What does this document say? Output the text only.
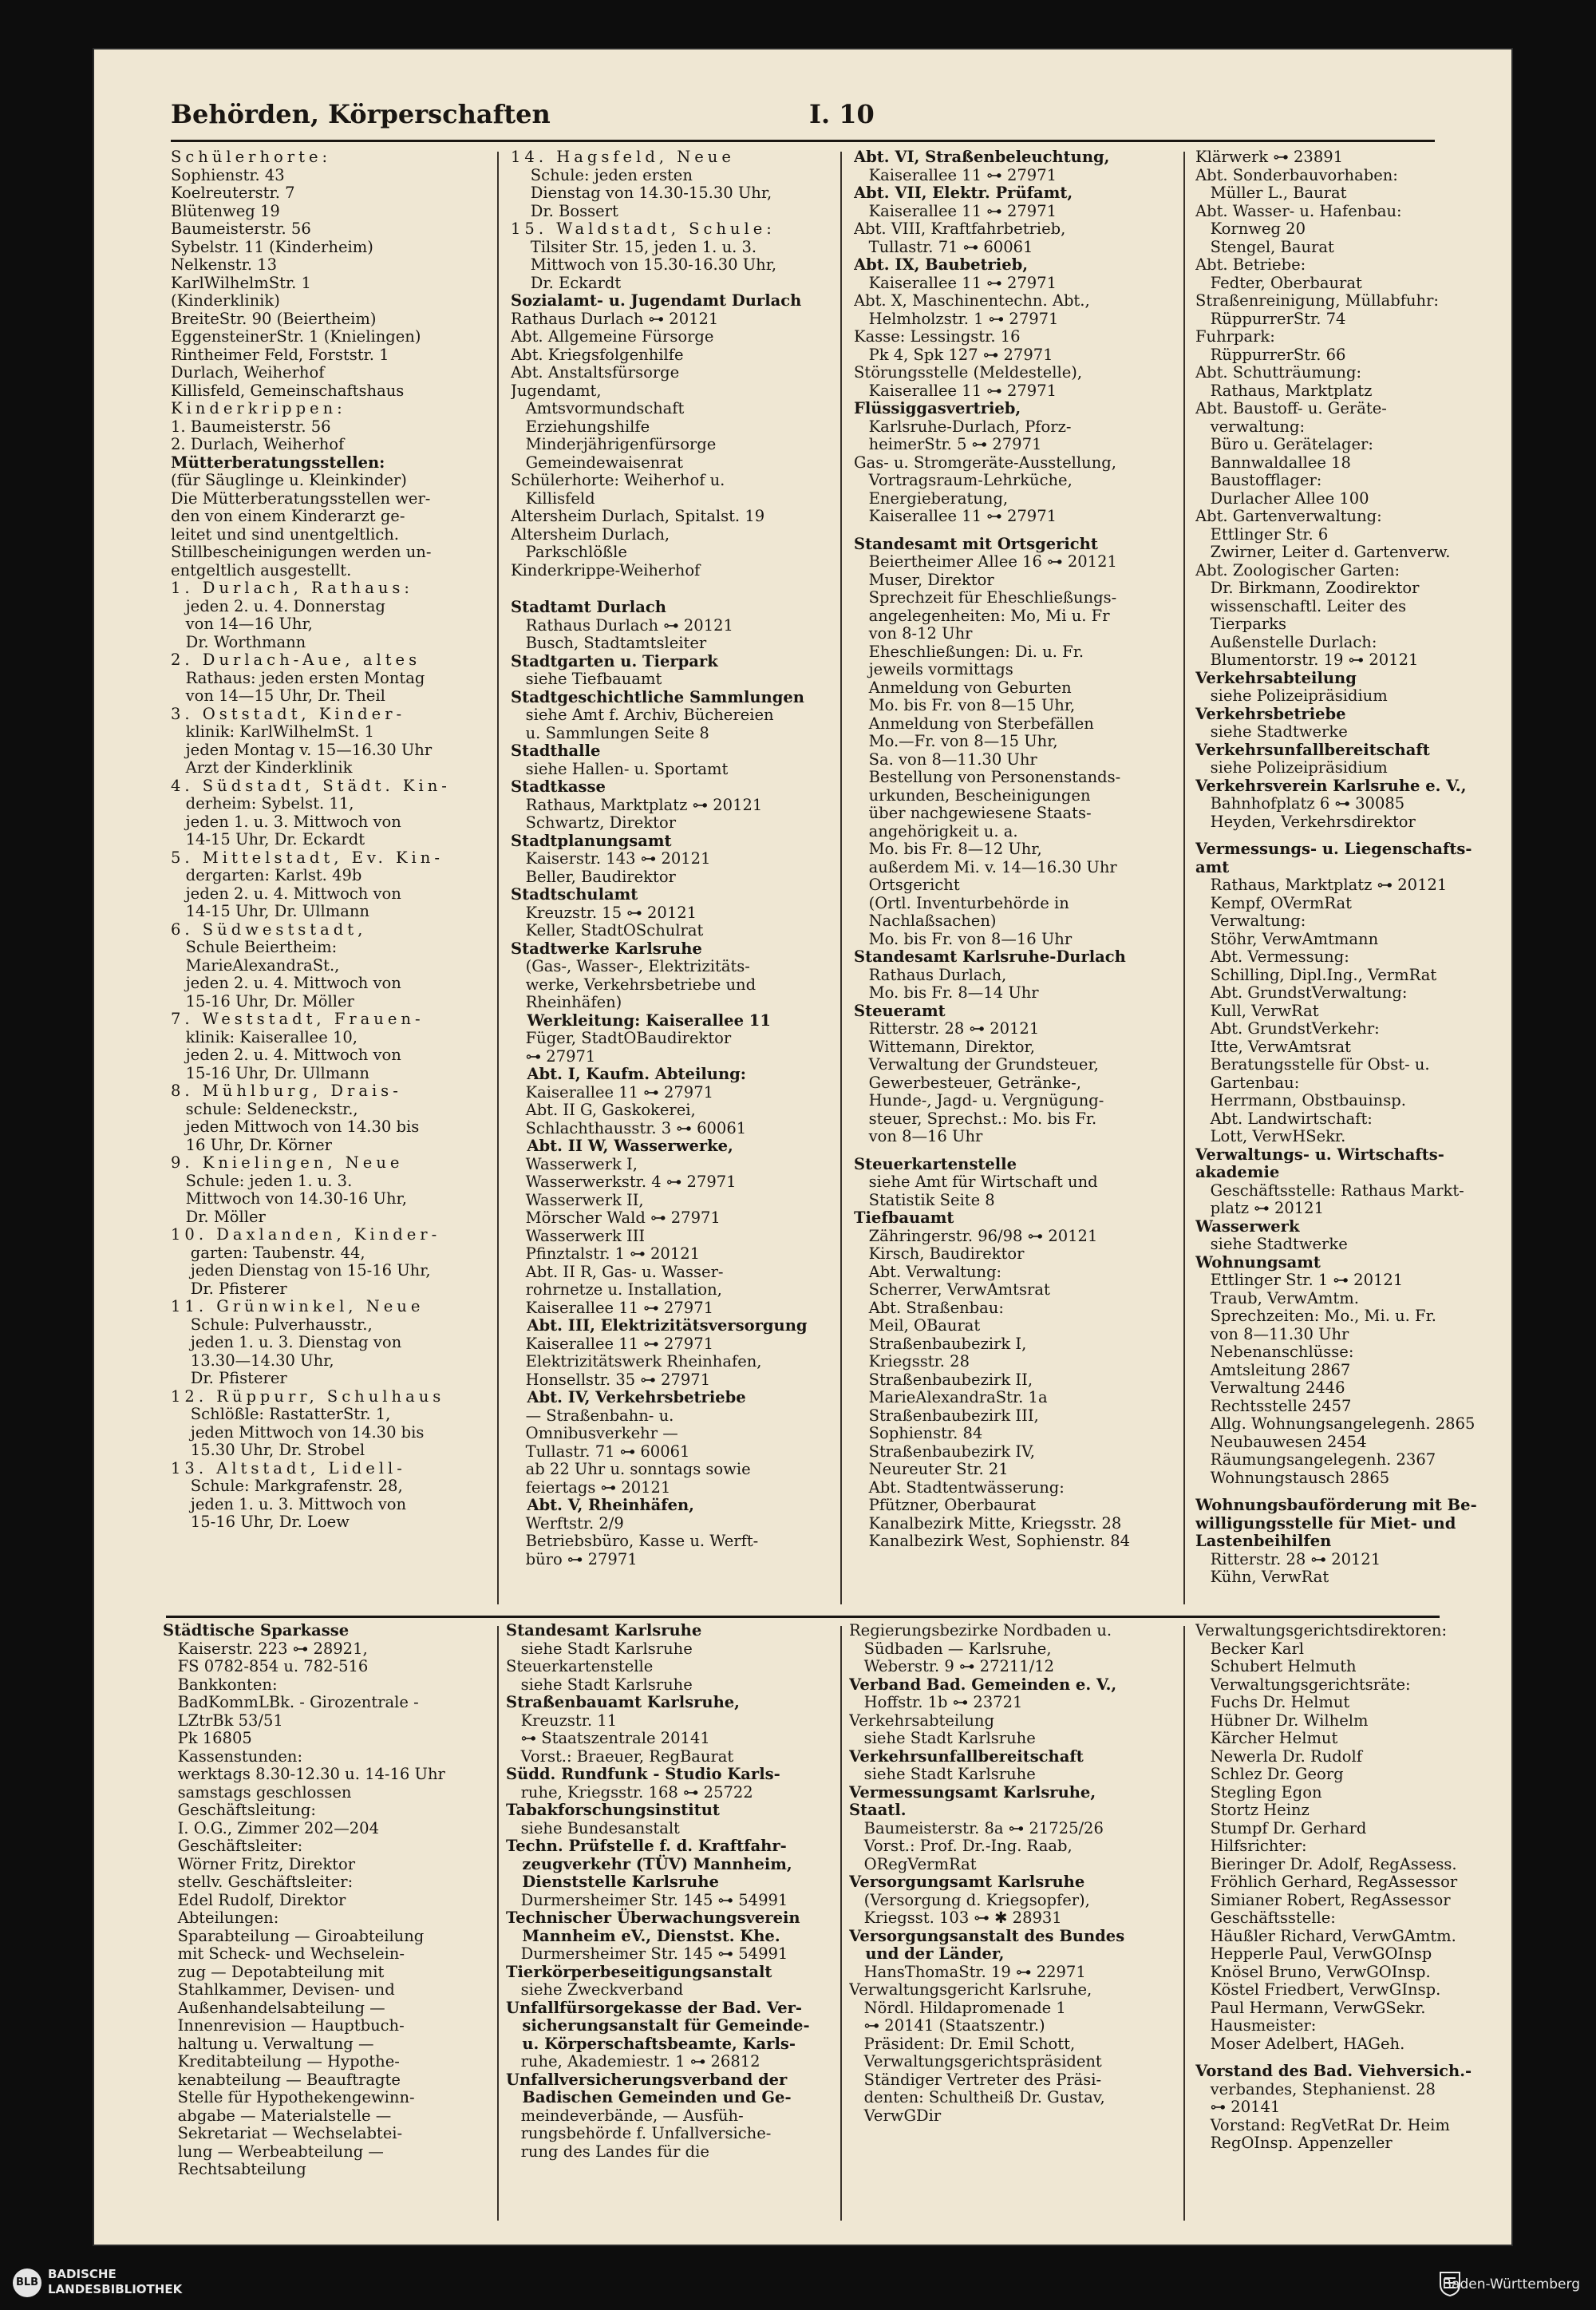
Behörden, Körperschaften	I. 10
Schülerhorte:
Sophienstr. 43
Koelreuterstr. 7
Blütenweg 19
Baumeisterstr. 56
Sybelstr. 11 (Kinderheim)
Nelkenstr. 13
KarlWilhelmStr. 1
(Kinderklinik)
BreiteStr. 90 (Beiertheim)
EggensteinerStr. 1 (Knielingen)
Rintheimer Feld, Forststr. 1
Durlach, Weiherhof
Killisfeld, Gemeinschaftshaus
Kinderkrippen:
1. Baumeisterstr. 56
2. Durlach, Weiherhof
Mütterberatungsstellen:
(für Säuglinge u. Kleinkinder)
Die Mütterberatungsstellen wer-
den von einem Kinderarzt ge-
leitet und sind unentgeltlich.
Stillbescheinigungen werden un-
entgeltlich ausgestellt.
1. Durlach, Rathaus:
jeden 2. u. 4. Donnerstag
von 14—16 Uhr,
Dr. Worthmann
2. Durlach-Aue, altes
Rathaus: jeden ersten Montag
von 14—15 Uhr, Dr. Theil
3. Oststadt, Kinder-
klinik: KarlWilhelmSt. 1
jeden Montag v. 15—16.30 Uhr
Arzt der Kinderklinik
4. Südstadt, Städt. Kin-
derheim: Sybelst. 11,
jeden 1. u. 3. Mittwoch von
14-15 Uhr, Dr. Eckardt
5. Mittelstadt, Ev. Kin-
dergarten: Karlst. 49b
jeden 2. u. 4. Mittwoch von
14-15 Uhr, Dr. Ullmann
6. Südweststadt,
Schule Beiertheim:
MarieAlexandraSt.,
jeden 2. u. 4. Mittwoch von
15-16 Uhr, Dr. Möller
7. Weststadt, Frauen-
klinik: Kaiserallee 10,
jeden 2. u. 4. Mittwoch von
15-16 Uhr, Dr. Ullmann
8. Mühlburg, Drais-
schule: Seldeneckstr.,
jeden Mittwoch von 14.30 bis
16 Uhr, Dr. Körner
9. Knielingen, Neue
Schule: jeden 1. u. 3.
Mittwoch von 14.30-16 Uhr,
Dr. Möller
10. Daxlanden, Kinder-
garten: Taubenstr. 44,
jeden Dienstag von 15-16 Uhr,
Dr. Pfisterer
11. Grünwinkel, Neue
Schule: Pulverhausstr.,
jeden 1. u. 3. Dienstag von
13.30—14.30 Uhr,
Dr. Pfisterer
12. Rüppurr, Schulhaus
Schlößle: RastatterStr. 1,
jeden Mittwoch von 14.30 bis
15.30 Uhr, Dr. Strobel
13. Altstadt, Lidell-
Schule: Markgrafenstr. 28,
jeden 1. u. 3. Mittwoch von
15-16 Uhr, Dr. Loew
14. Hagsfeld, Neue
Schule: jeden ersten
Dienstag von 14.30-15.30 Uhr,
Dr. Bossert
15. Waldstadt, Schule:
Tilsiter Str. 15, jeden 1. u. 3.
Mittwoch von 15.30-16.30 Uhr,
Dr. Eckardt
Sozialamt- u. Jugendamt Durlach
Rathaus Durlach ⊶ 20121
Abt. Allgemeine Fürsorge
Abt. Kriegsfolgenhilfe
Abt. Anstaltsfürsorge
Jugendamt,
Amtsvormundschaft
Erziehungshilfe
Minderjährigenfürsorge
Gemeindewaisenrat
Schülerhorte: Weiherhof u.
Killisfeld
Altersheim Durlach, Spitalst. 19
Altersheim Durlach,
Parkschlößle
Kinderkrippe-Weiherhof
Stadtamt Durlach
Rathaus Durlach ⊶ 20121
Busch, Stadtamtsleiter
Stadtgarten u. Tierpark
siehe Tiefbauamt
Stadtgeschichtliche Sammlungen
siehe Amt f. Archiv, Büchereien
u. Sammlungen Seite 8
Stadthalle
siehe Hallen- u. Sportamt
Stadtkasse
Rathaus, Marktplatz ⊶ 20121
Schwartz, Direktor
Stadtplanungsamt
Kaiserstr. 143 ⊶ 20121
Beller, Baudirektor
Stadtschulamt
Kreuzstr. 15 ⊶ 20121
Keller, StadtOSchulrat
Stadtwerke Karlsruhe
(Gas-, Wasser-, Elektrizitäts-
werke, Verkehrsbetriebe und
Rheinhäfen)
Werkleitung: Kaiserallee 11
Füger, StadtOBaudirektor
⊶ 27971
Abt. I, Kaufm. Abteilung:
Kaiserallee 11 ⊶ 27971
Abt. II G, Gaskokerei,
Schlachthausstr. 3 ⊶ 60061
Abt. II W, Wasserwerke,
Wasserwerk I,
Wasserwerkstr. 4 ⊶ 27971
Wasserwerk II,
Mörscher Wald ⊶ 27971
Wasserwerk III
Pfinztalstr. 1 ⊶ 20121
Abt. II R, Gas- u. Wasser-
rohrnetze u. Installation,
Kaiserallee 11 ⊶ 27971
Abt. III, Elektrizitätsversorgung
Kaiserallee 11 ⊶ 27971
Elektrizitätswerk Rheinhafen,
Honsellstr. 35 ⊶ 27971
Abt. IV, Verkehrsbetriebe
— Straßenbahn- u.
Omnibusverkehr —
Tullastr. 71 ⊶ 60061
ab 22 Uhr u. sonntags sowie
feiertags ⊶ 20121
Abt. V, Rheinhäfen,
Werftstr. 2/9
Betriebsbüro, Kasse u. Werft-
büro ⊶ 27971
Abt. VI, Straßenbeleuchtung,
Kaiserallee 11 ⊶ 27971
Abt. VII, Elektr. Prüfamt,
Kaiserallee 11 ⊶ 27971
Abt. VIII, Kraftfahrbetrieb,
Tullastr. 71 ⊶ 60061
Abt. IX, Baubetrieb,
Kaiserallee 11 ⊶ 27971
Abt. X, Maschinentechn. Abt.,
Helmholzstr. 1 ⊶ 27971
Kasse: Lessingstr. 16
Pk 4, Spk 127 ⊶ 27971
Störungsstelle (Meldestelle),
Kaiserallee 11 ⊶ 27971
Flüssiggasvertrieb,
Karlsruhe-Durlach, Pforz-
heimerStr. 5 ⊶ 27971
Gas- u. Stromgeräte-Ausstellung,
Vortragsraum-Lehrküche,
Energieberatung,
Kaiserallee 11 ⊶ 27971
Standesamt mit Ortsgericht
Beiertheimer Allee 16 ⊶ 20121
Muser, Direktor
Sprechzeit für Eheschließungs-
angelegenheiten: Mo, Mi u. Fr
von 8-12 Uhr
Eheschließungen: Di. u. Fr.
jeweils vormittags
Anmeldung von Geburten
Mo. bis Fr. von 8—15 Uhr,
Anmeldung von Sterbefällen
Mo.—Fr. von 8—15 Uhr,
Sa. von 8—11.30 Uhr
Bestellung von Personenstands-
urkunden, Bescheinigungen
über nachgewiesene Staats-
angehörigkeit u. a.
Mo. bis Fr. 8—12 Uhr,
außerdem Mi. v. 14—16.30 Uhr
Ortsgericht
(Ortl. Inventurbehörde in
Nachlaßsachen)
Mo. bis Fr. von 8—16 Uhr
Standesamt Karlsruhe-Durlach
Rathaus Durlach,
Mo. bis Fr. 8—14 Uhr
Steueramt
Ritterstr. 28 ⊶ 20121
Wittemann, Direktor,
Verwaltung der Grundsteuer,
Gewerbesteuer, Getränke-,
Hunde-, Jagd- u. Vergnügung-
steuer, Sprechst.: Mo. bis Fr.
von 8—16 Uhr
Steuerkartenstelle
siehe Amt für Wirtschaft und
Statistik Seite 8
Tiefbauamt
Zähringerstr. 96/98 ⊶ 20121
Kirsch, Baudirektor
Abt. Verwaltung:
Scherrer, VerwAmtsrat
Abt. Straßenbau:
Meil, OBaurat
Straßenbaubezirk I,
Kriegsstr. 28
Straßenbaubezirk II,
MarieAlexandraStr. 1a
Straßenbaubezirk III,
Sophienstr. 84
Straßenbaubezirk IV,
Neureuter Str. 21
Abt. Stadtentwässerung:
Pfützner, Oberbaurat
Kanalbezirk Mitte, Kriegsstr. 28
Kanalbezirk West, Sophienstr. 84
Klärwerk ⊶ 23891
Abt. Sonderbauvorhaben:
Müller L., Baurat
Abt. Wasser- u. Hafenbau:
Kornweg 20
Stengel, Baurat
Abt. Betriebe:
Fedter, Oberbaurat
Straßenreinigung, Müllabfuhr:
RüppurrerStr. 74
Fuhrpark:
RüppurrerStr. 66
Abt. Schutträumung:
Rathaus, Marktplatz
Abt. Baustoff- u. Geräte-
verwaltung:
Büro u. Gerätelager:
Bannwaldallee 18
Baustofflager:
Durlacher Allee 100
Abt. Gartenverwaltung:
Ettlinger Str. 6
Zwirner, Leiter d. Gartenverw.
Abt. Zoologischer Garten:
Dr. Birkmann, Zoodirektor
wissenschaftl. Leiter des
Tierparks
Außenstelle Durlach:
Blumentorstr. 19 ⊶ 20121
Verkehrsabteilung
siehe Polizeipräsidium
Verkehrsbetriebe
siehe Stadtwerke
Verkehrsunfallbereitschaft
siehe Polizeipräsidium
Verkehrsverein Karlsruhe e. V.,
Bahnhofplatz 6 ⊶ 30085
Heyden, Verkehrsdirektor
Vermessungs- u. Liegenschafts-
amt
Rathaus, Marktplatz ⊶ 20121
Kempf, OVermRat
Verwaltung:
Stöhr, VerwAmtmann
Abt. Vermessung:
Schilling, Dipl.Ing., VermRat
Abt. GrundstVerwaltung:
Kull, VerwRat
Abt. GrundstVerkehr:
Itte, VerwAmtsrat
Beratungsstelle für Obst- u.
Gartenbau:
Herrmann, Obstbauinsp.
Abt. Landwirtschaft:
Lott, VerwHSekr.
Verwaltungs- u. Wirtschafts-
akademie
Geschäftsstelle: Rathaus Markt-
platz ⊶ 20121
Wasserwerk
siehe Stadtwerke
Wohnungsamt
Ettlinger Str. 1 ⊶ 20121
Traub, VerwAmtm.
Sprechzeiten: Mo., Mi. u. Fr.
von 8—11.30 Uhr
Nebenanschlüsse:
Amtsleitung 2867
Verwaltung 2446
Rechtsstelle 2457
Allg. Wohnungsangelegenh. 2865
Neubauwesen 2454
Räumungsangelegenh. 2367
Wohnungstausch 2865
Wohnungsbauförderung mit Be-
willigungsstelle für Miet- und
Lastenbeihilfen
Ritterstr. 28 ⊶ 20121
Kühn, VerwRat
Städtische Sparkasse
Kaiserstr. 223 ⊶ 28921,
FS 0782-854 u. 782-516
Bankkonten:
BadKommLBk. - Girozentrale -
LZtrBk 53/51
Pk 16805
Kassenstunden:
werktags 8.30-12.30 u. 14-16 Uhr
samstags geschlossen
Geschäftsleitung:
I. O.G., Zimmer 202—204
Geschäftsleiter:
Wörner Fritz, Direktor
stellv. Geschäftsleiter:
Edel Rudolf, Direktor
Abteilungen:
Sparabteilung — Giroabteilung
mit Scheck- und Wechselein-
zug — Depotabteilung mit
Stahlkammer, Devisen- und
Außenhandelsabteilung —
Innenrevision — Hauptbuch-
haltung u. Verwaltung —
Kreditabteilung — Hypothe-
kenabteilung — Beauftragte
Stelle für Hypothekengewinn-
abgabe — Materialstelle —
Sekretariat — Wechselabtei-
lung — Werbeabteilung —
Rechtsabteilung
Standesamt Karlsruhe
siehe Stadt Karlsruhe
Steuerkartenstelle
siehe Stadt Karlsruhe
Straßenbauamt Karlsruhe,
Kreuzstr. 11
⊶ Staatszentrale 20141
Vorst.: Braeuer, RegBaurat
Südd. Rundfunk - Studio Karls-
ruhe, Kriegsstr. 168 ⊶ 25722
Tabakforschungsinstitut
siehe Bundesanstalt
Techn. Prüfstelle f. d. Kraftfahr-
zeugverkehr (TÜV) Mannheim,
Dienststelle Karlsruhe
Durmersheimer Str. 145 ⊶ 54991
Technischer Überwachungsverein
Mannheim eV., Dienstst. Khe.
Durmersheimer Str. 145 ⊶ 54991
Tierkörperbeseitigungsanstalt
siehe Zweckverband
Unfallfürsorgekasse der Bad. Ver-
sicherungsanstalt für Gemeinde-
u. Körperschaftsbeamte, Karls-
ruhe, Akademiestr. 1 ⊶ 26812
Unfallversicherungsverband der
Badischen Gemeinden und Ge-
meindeverbände, — Ausfüh-
rungsbehörde f. Unfallversiche-
rung des Landes für die
Regierungsbezirke Nordbaden u.
Südbaden — Karlsruhe,
Weberstr. 9 ⊶ 27211/12
Verband Bad. Gemeinden e. V.,
Hoffstr. 1b ⊶ 23721
Verkehrsabteilung
siehe Stadt Karlsruhe
Verkehrsunfallbereitschaft
siehe Stadt Karlsruhe
Vermessungsamt Karlsruhe,
Staatl.
Baumeisterstr. 8a ⊶ 21725/26
Vorst.: Prof. Dr.-Ing. Raab,
ORegVermRat
Versorgungsamt Karlsruhe
(Versorgung d. Kriegsopfer),
Kriegsst. 103 ⊶ ✱ 28931
Versorgungsanstalt des Bundes
und der Länder,
HansThomaStr. 19 ⊶ 22971
Verwaltungsgericht Karlsruhe,
Nördl. Hildapromenade 1
⊶ 20141 (Staatszentr.)
Präsident: Dr. Emil Schott,
Verwaltungsgerichtspräsident
Ständiger Vertreter des Präsi-
denten: Schultheiß Dr. Gustav,
VerwGDir
Verwaltungsgerichtsdirektoren:
Becker Karl
Schubert Helmuth
Verwaltungsgerichtsräte:
Fuchs Dr. Helmut
Hübner Dr. Wilhelm
Kärcher Helmut
Newerla Dr. Rudolf
Schlez Dr. Georg
Stegling Egon
Stortz Heinz
Stumpf Dr. Gerhard
Hilfsrichter:
Bieringer Dr. Adolf, RegAssess.
Fröhlich Gerhard, RegAssessor
Simianer Robert, RegAssessor
Geschäftsstelle:
Häußler Richard, VerwGAmtm.
Hepperle Paul, VerwGOInsp
Knösel Bruno, VerwGOInsp.
Köstel Friedbert, VerwGInsp.
Paul Hermann, VerwGSekr.
Hausmeister:
Moser Adelbert, HAGeh.
Vorstand des Bad. Viehversich.-
verbandes, Stephanienst. 28
⊶ 20141
Vorstand: RegVetRat Dr. Heim
RegOInsp. Appenzeller
BLB
BADISCHE
LANDESBIBLIOTHEK	Baden-Württemberg
